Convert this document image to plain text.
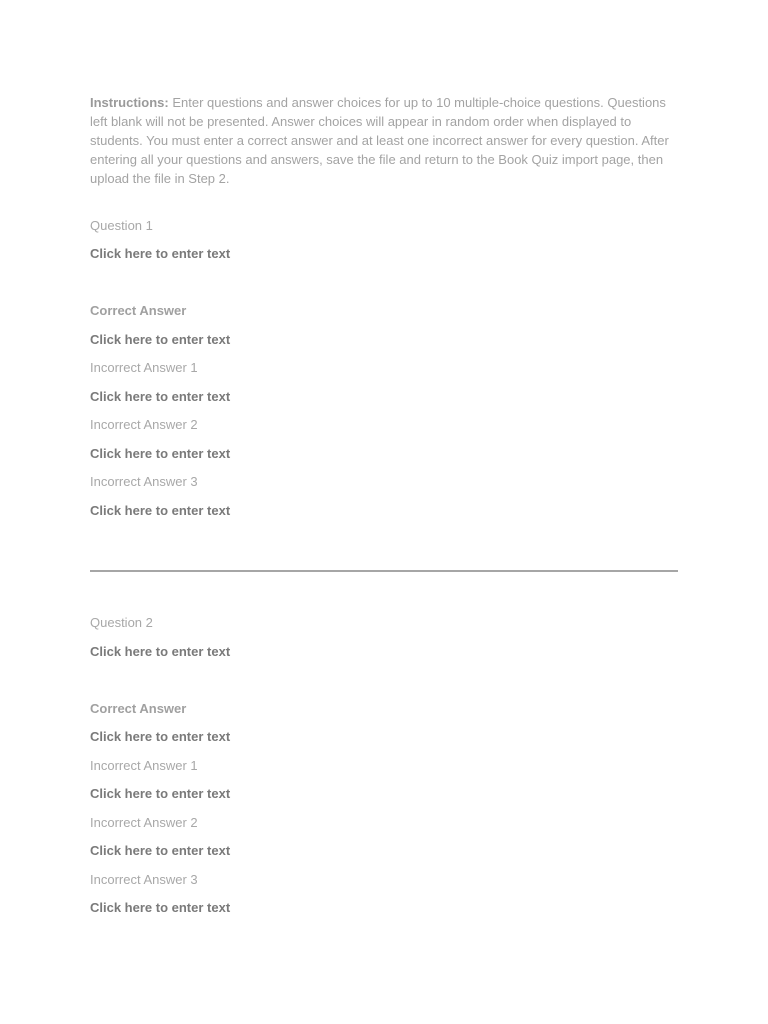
Instructions: Enter questions and answer choices for up to 10 multiple-choice questions. Questions left blank will not be presented. Answer choices will appear in random order when displayed to students. You must enter a correct answer and at least one incorrect answer for every question. After entering all your questions and answers, save the file and return to the Book Quiz import page, then upload the file in Step 2.
Question 1
Click here to enter text
Correct Answer
Click here to enter text
Incorrect Answer 1
Click here to enter text
Incorrect Answer 2
Click here to enter text
Incorrect Answer 3
Click here to enter text
Question 2
Click here to enter text
Correct Answer
Click here to enter text
Incorrect Answer 1
Click here to enter text
Incorrect Answer 2
Click here to enter text
Incorrect Answer 3
Click here to enter text
